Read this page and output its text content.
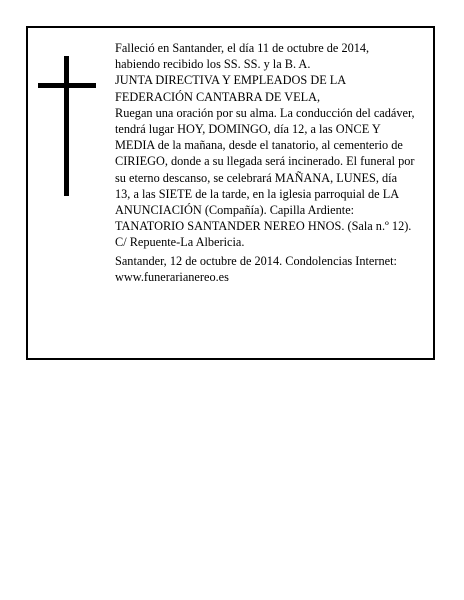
Falleció en Santander, el día 11 de octubre de 2014, habiendo recibido los SS. SS. y la B. A.
JUNTA DIRECTIVA Y EMPLEADOS DE LA FEDERACIÓN CANTABRA DE VELA,
Ruegan una oración por su alma. La conducción del cadáver, tendrá lugar HOY, DOMINGO, día 12, a las ONCE Y MEDIA de la mañana, desde el tanatorio, al cementerio de CIRIEGO, donde a su llegada será incinerado. El funeral por su eterno descanso, se celebrará MAÑANA, LUNES, día 13, a las SIETE de la tarde, en la iglesia parroquial de LA ANUNCIACIÓN (Compañía). Capilla Ardiente: TANATORIO SANTANDER NEREO HNOS. (Sala n.º 12). C/ Repuente-La Albericia.
Santander, 12 de octubre de 2014. Condolencias Internet: www.funerarianereo.es
